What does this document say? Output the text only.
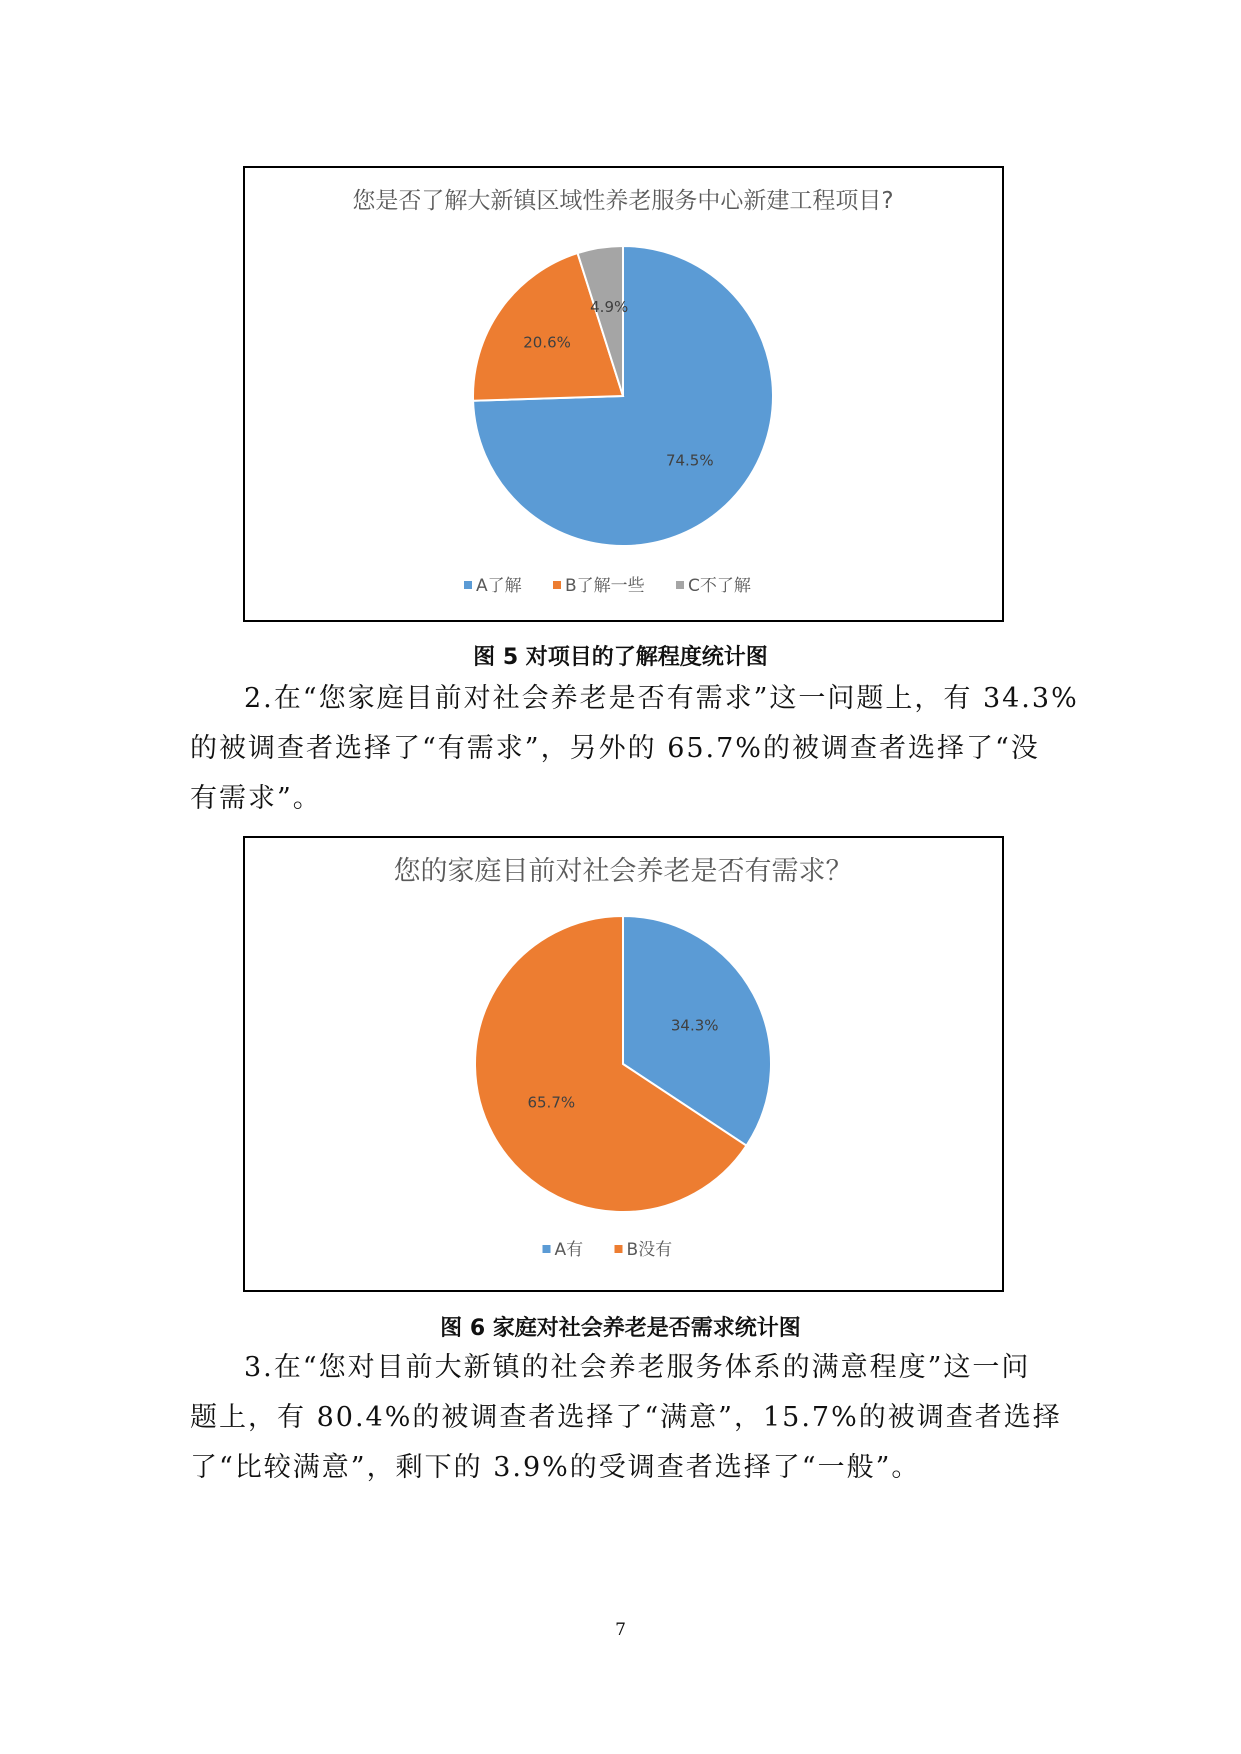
您是否了解大新镇区域性养老服务中心新建工程项目?
74.5%
20.6%
4.9%
A了解	B了解一些	C不了解
图 5 对项目的了解程度统计图
2.在“您家庭目前对社会养老是否有需求”这一问题上，有 34.3%
的被调查者选择了“有需求”，另外的 65.7%的被调查者选择了“没
有需求”。
您的家庭目前对社会养老是否有需求？
34.3%
65.7%
A有	B没有
图 6 家庭对社会养老是否需求统计图
3.在“您对目前大新镇的社会养老服务体系的满意程度”这一问
题上，有 80.4%的被调查者选择了“满意”，15.7%的被调查者选择
了“比较满意”，剩下的 3.9%的受调查者选择了“一般”。
7
